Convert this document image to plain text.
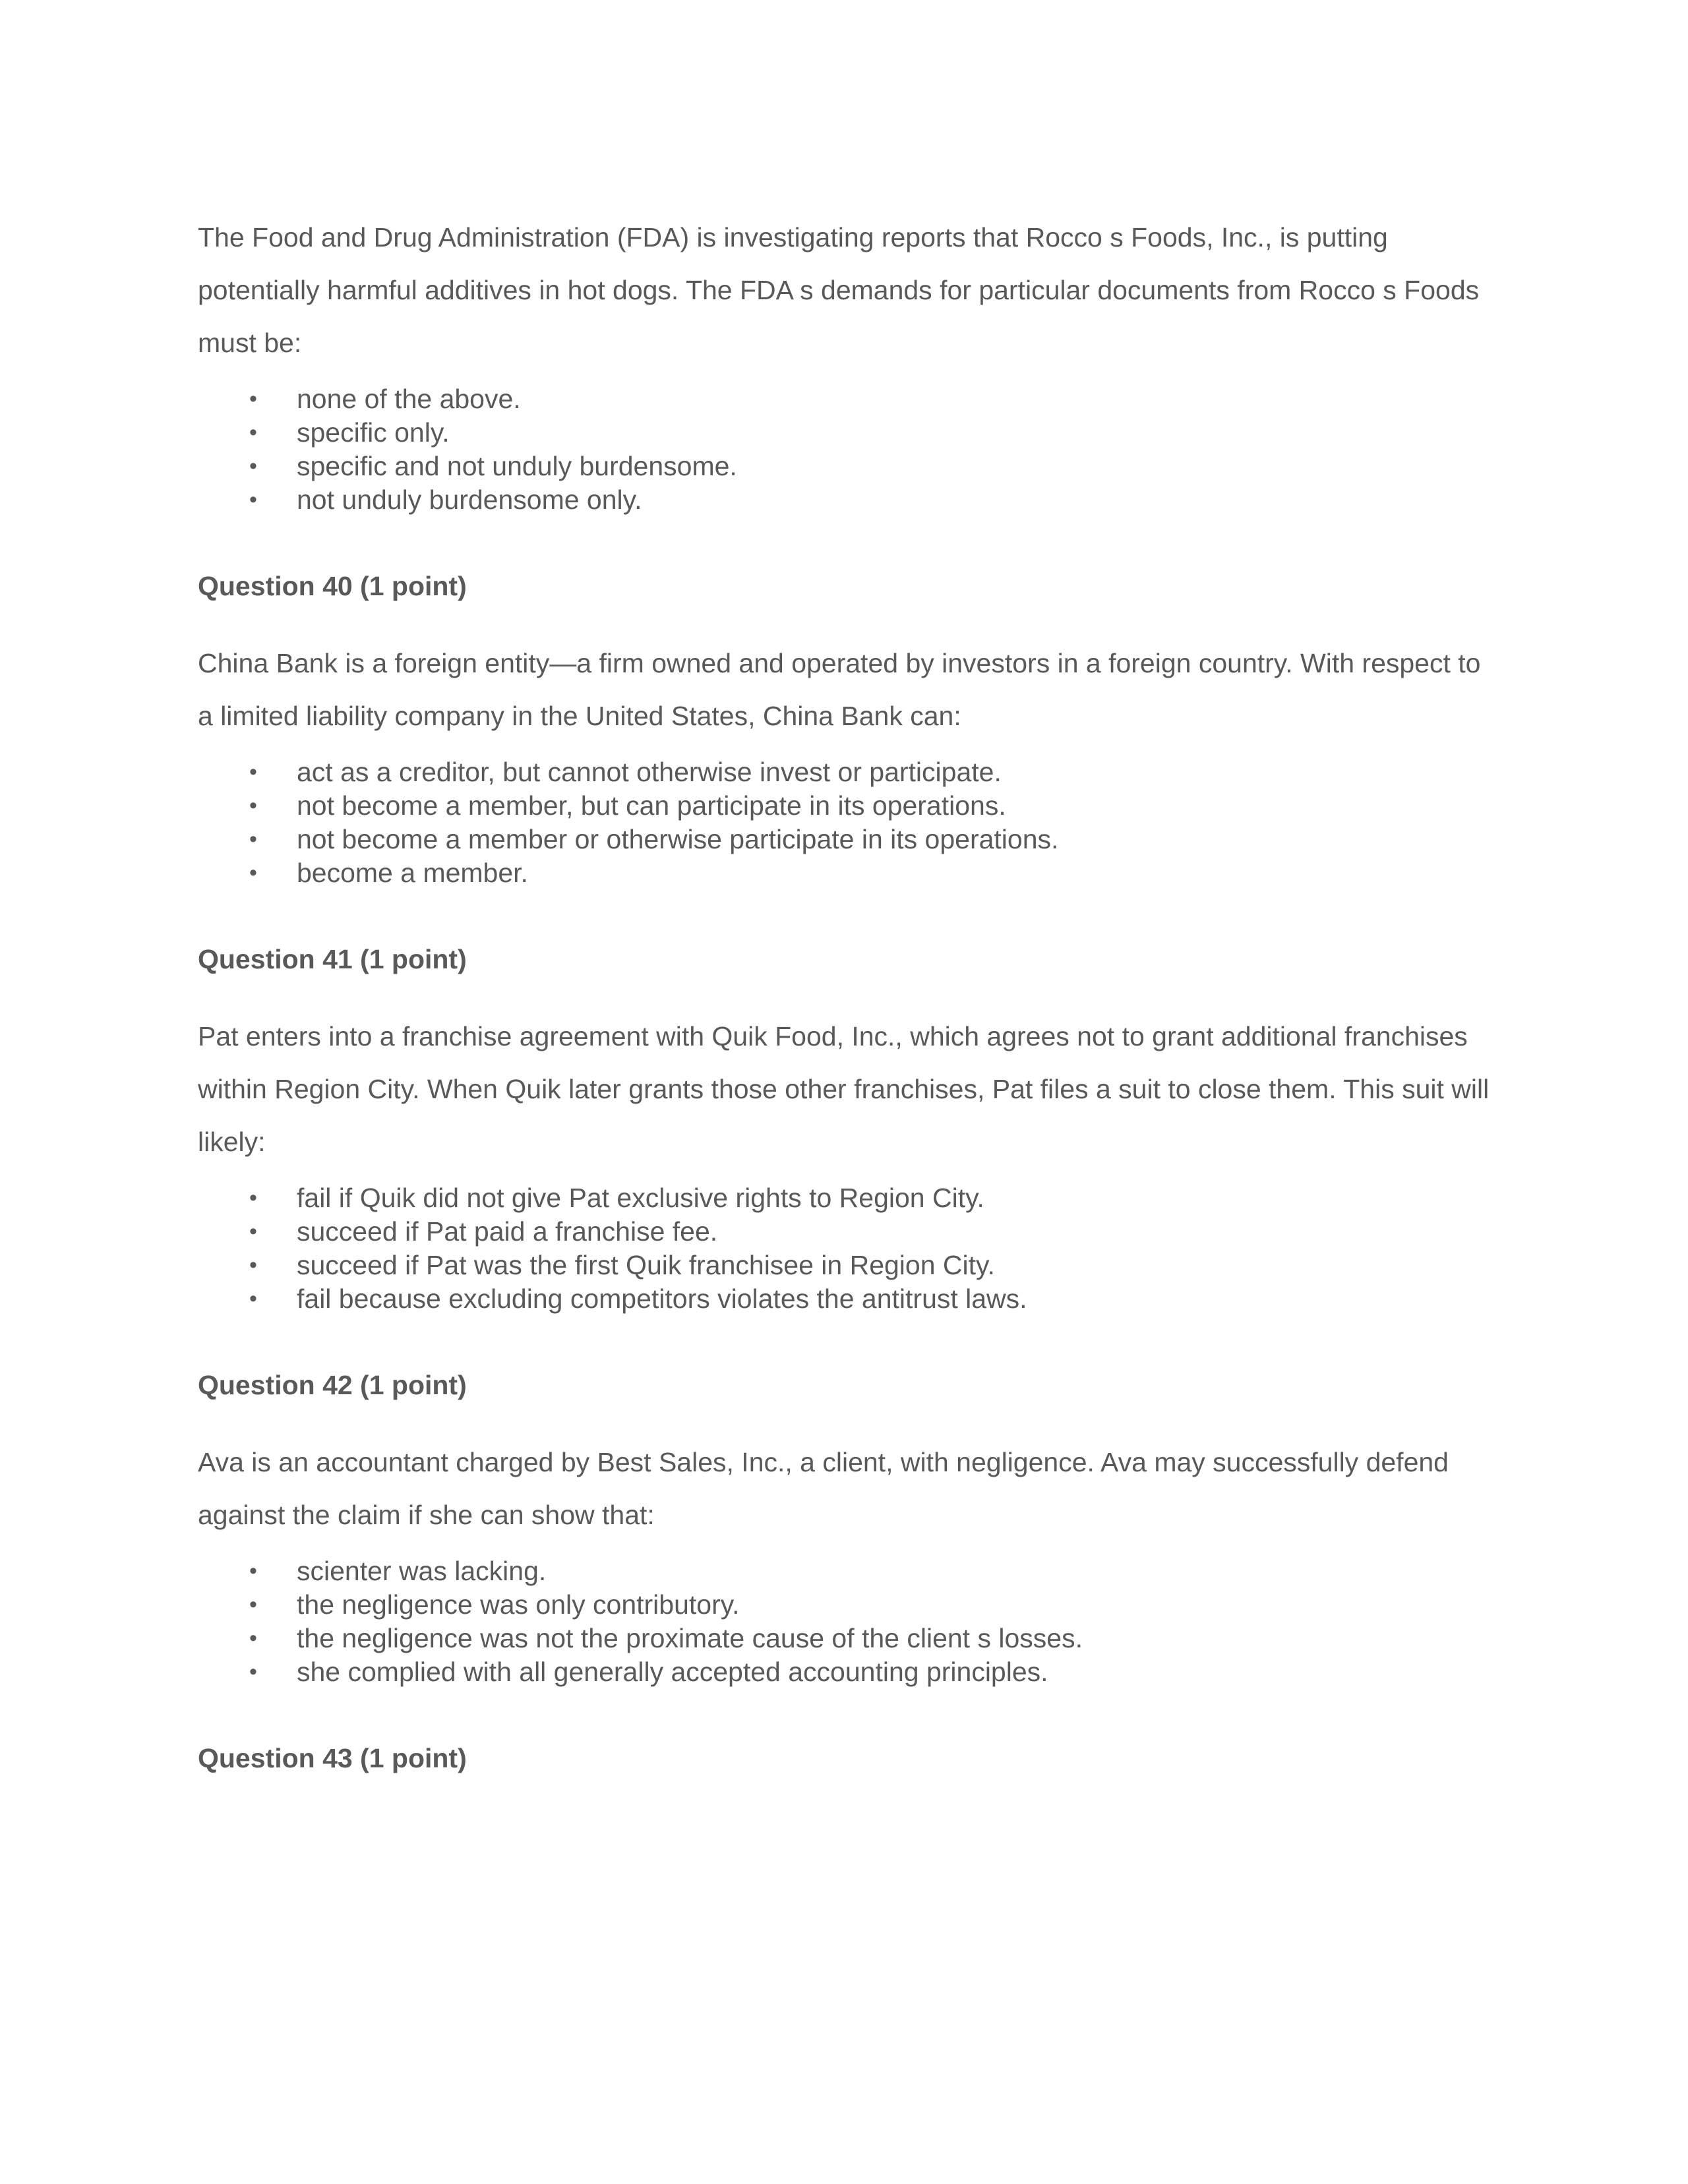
The Food and Drug Administration (FDA) is investigating reports that Rocco s Foods, Inc., is putting potentially harmful additives in hot dogs. The FDA s demands for particular documents from Rocco s Foods must be:

• none of the above.
• specific only.
• specific and not unduly burdensome.
• not unduly burdensome only.
Question 40 (1 point)

China Bank is a foreign entity—a firm owned and operated by investors in a foreign country. With respect to a limited liability company in the United States, China Bank can:

• act as a creditor, but cannot otherwise invest or participate.
• not become a member, but can participate in its operations.
• not become a member or otherwise participate in its operations.
• become a member.
Question 41 (1 point)

Pat enters into a franchise agreement with Quik Food, Inc., which agrees not to grant additional franchises within Region City. When Quik later grants those other franchises, Pat files a suit to close them. This suit will likely:

• fail if Quik did not give Pat exclusive rights to Region City.
• succeed if Pat paid a franchise fee.
• succeed if Pat was the first Quik franchisee in Region City.
• fail because excluding competitors violates the antitrust laws.
Question 42 (1 point)

Ava is an accountant charged by Best Sales, Inc., a client, with negligence. Ava may successfully defend against the claim if she can show that:

• scienter was lacking.
• the negligence was only contributory.
• the negligence was not the proximate cause of the client s losses.
• she complied with all generally accepted accounting principles.
Question 43 (1 point)
